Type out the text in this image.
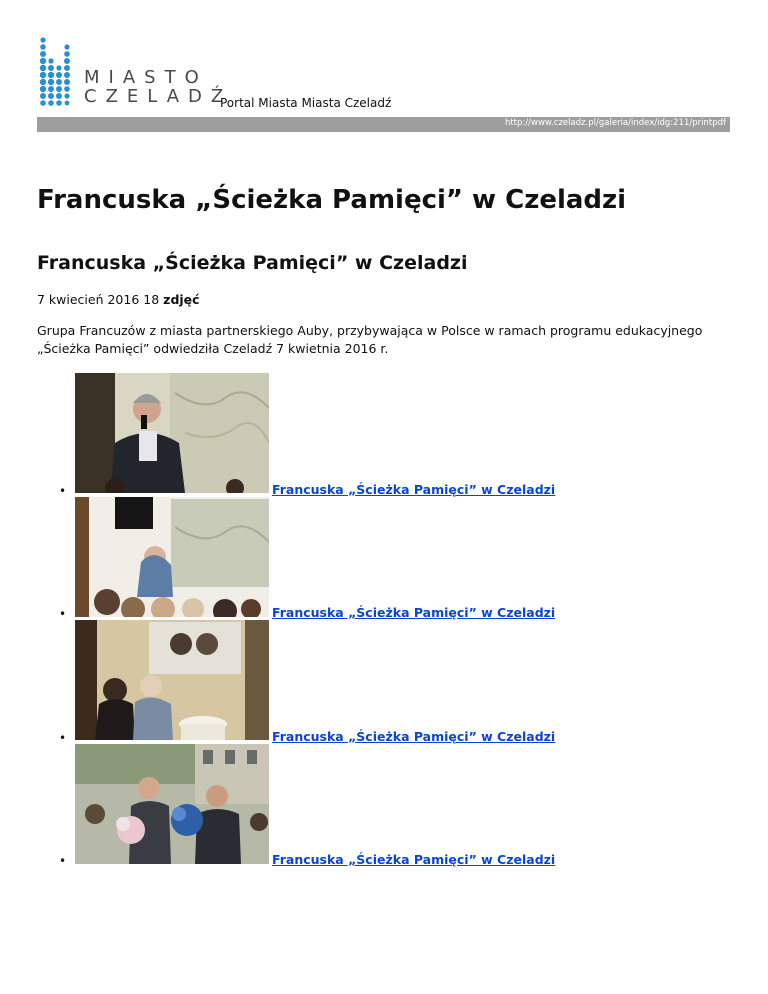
MIASTO
CZELADŹ
Portal Miasta Miasta Czeladź
http://www.czeladz.pl/galeria/index/idg:211/printpdf
Francuska „Ścieżka Pamięci” w Czeladzi
Francuska „Ścieżka Pamięci” w Czeladzi
7 kwiecień 2016 18 zdjęć

Grupa Francuzów z miasta partnerskiego Auby, przybywająca w Polsce w ramach programu edukacyjnego „Ścieżka Pamięci” odwiedziła Czeladź 7 kwietnia 2016 r.

•	Francuska „Ścieżka Pamięci” w Czeladzi
•	Francuska „Ścieżka Pamięci” w Czeladzi
•	Francuska „Ścieżka Pamięci” w Czeladzi
•	Francuska „Ścieżka Pamięci” w Czeladzi
